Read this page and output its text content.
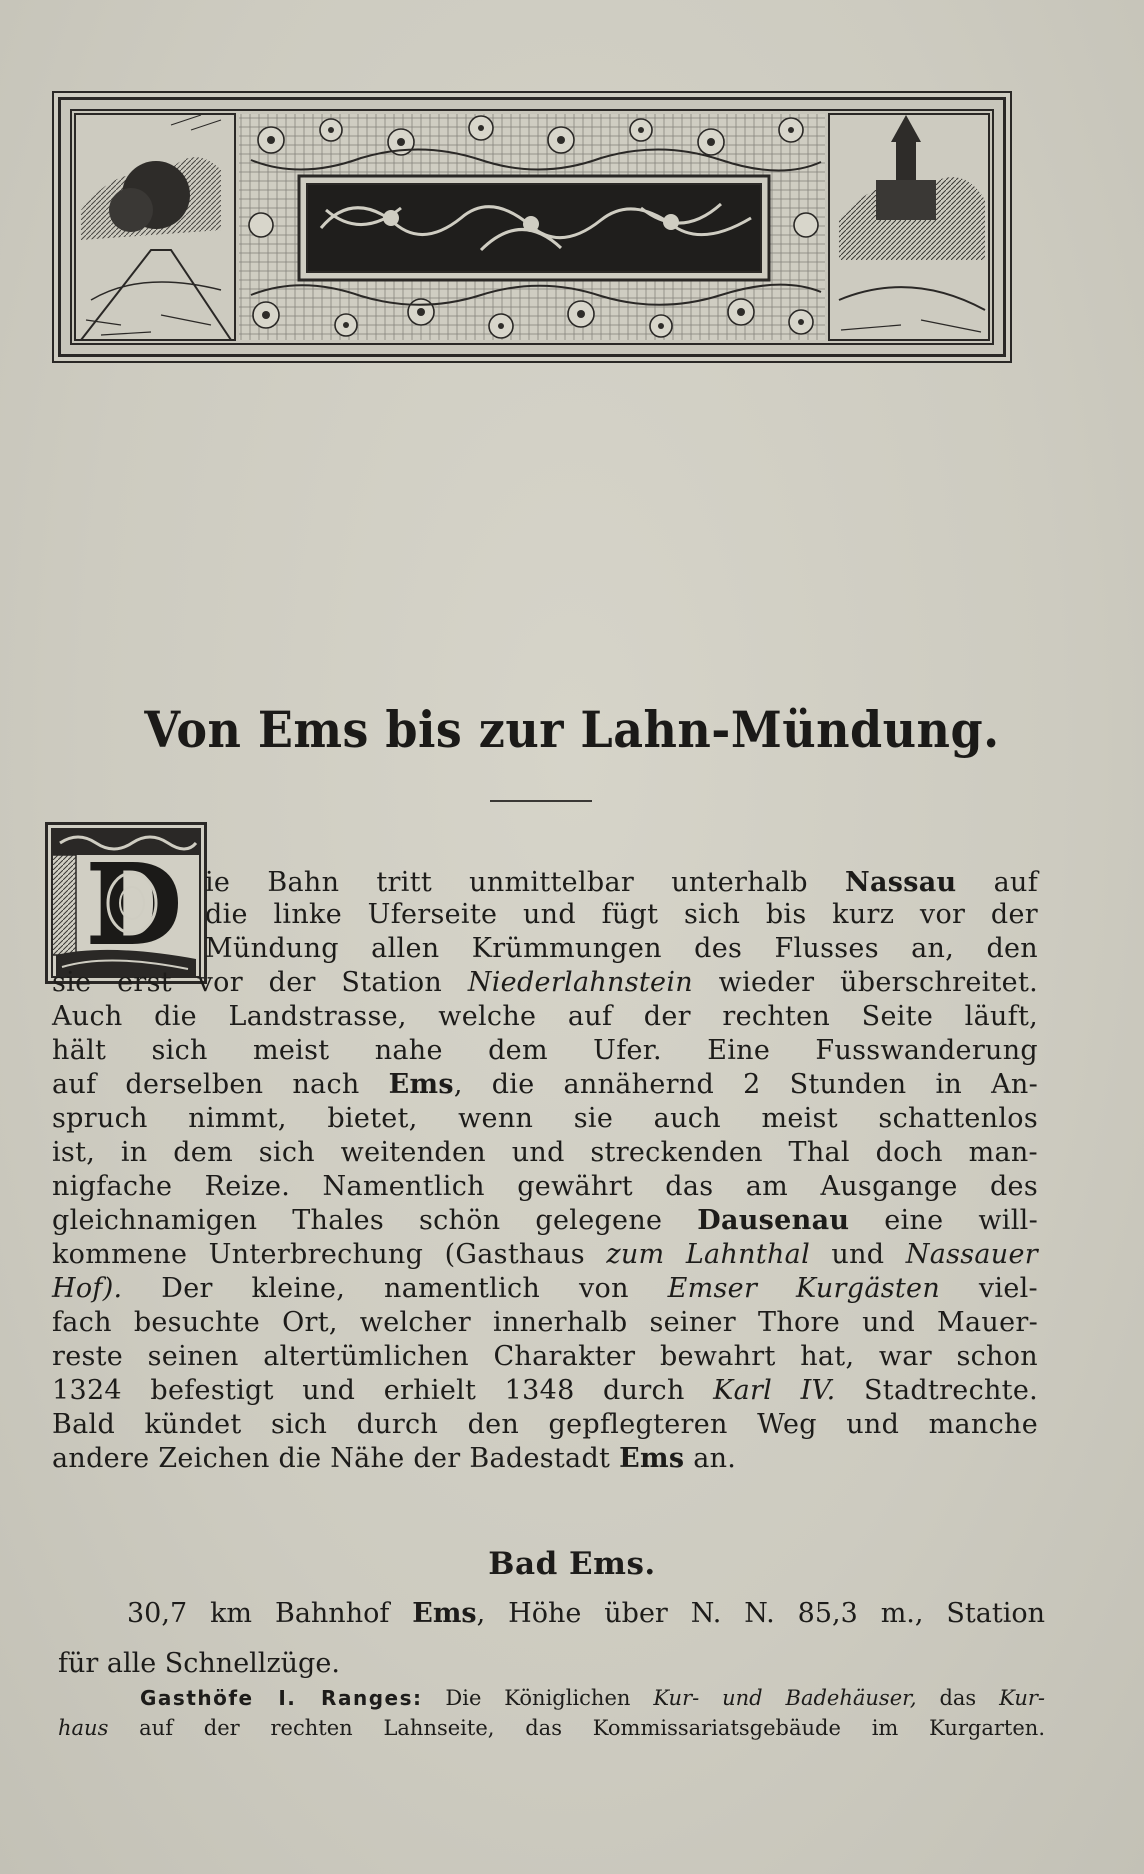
Von Ems bis zur Lahn-Mündung.
D ie Bahn tritt unmittelbar unterhalb Nassau auf
die linke Uferseite und fügt sich bis kurz vor der
Mündung allen Krümmungen des Flusses an, den
sie erst vor der Station Niederlahnstein wieder überschreitet.
Auch die Landstrasse, welche auf der rechten Seite läuft,
hält sich meist nahe dem Ufer. Eine Fusswanderung
auf derselben nach Ems, die annähernd 2 Stunden in An-
spruch nimmt, bietet, wenn sie auch meist schattenlos
ist, in dem sich weitenden und streckenden Thal doch man-
nigfache Reize. Namentlich gewährt das am Ausgange des
gleichnamigen Thales schön gelegene Dausenau eine will-
kommene Unterbrechung (Gasthaus zum Lahnthal und Nassauer
Hof). Der kleine, namentlich von Emser Kurgästen viel-
fach besuchte Ort, welcher innerhalb seiner Thore und Mauer-
reste seinen altertümlichen Charakter bewahrt hat, war schon
1324 befestigt und erhielt 1348 durch Karl IV. Stadtrechte.
Bald kündet sich durch den gepflegteren Weg und manche
andere Zeichen die Nähe der Badestadt Ems an.
Bad Ems.
30,7 km Bahnhof Ems, Höhe über N. N. 85,3 m., Station
für alle Schnellzüge.
Gasthöfe I. Ranges: Die Königlichen Kur- und Badehäuser, das Kur-
haus auf der rechten Lahnseite, das Kommissariatsgebäude im Kurgarten.
